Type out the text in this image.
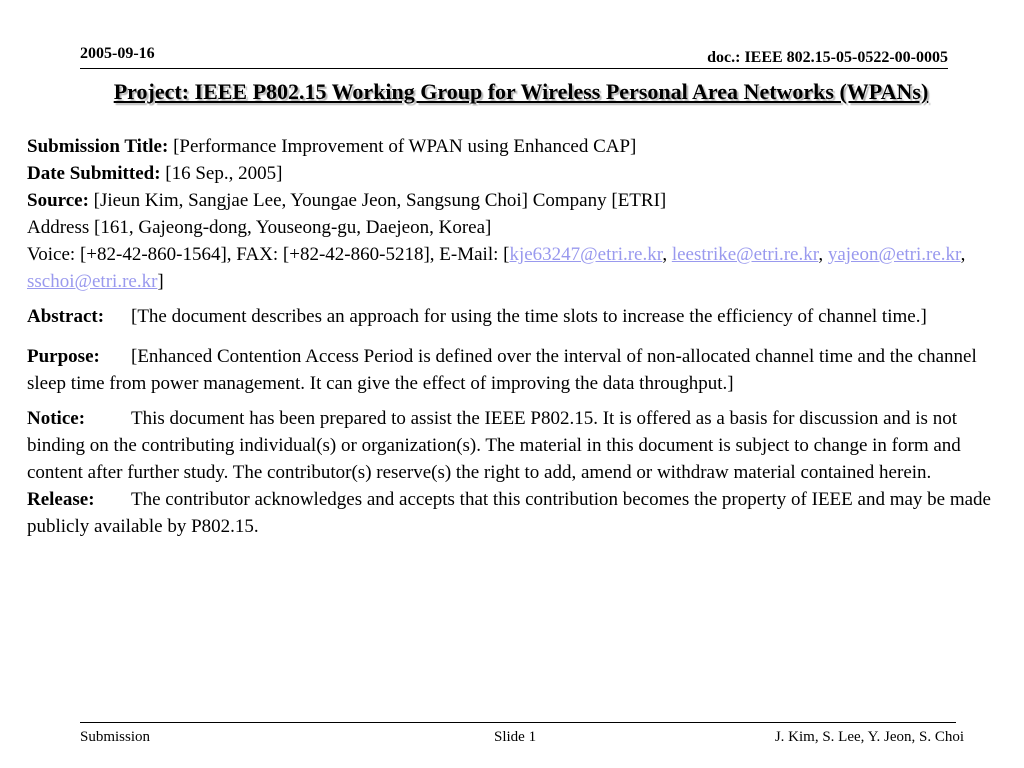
2005-09-16	doc.: IEEE 802.15-05-0522-00-0005
Project: IEEE P802.15 Working Group for Wireless Personal Area Networks (WPANs)

Submission Title: [Performance Improvement of WPAN using Enhanced CAP]

Date Submitted: [16 Sep., 2005]

Source: [Jieun Kim, Sangjae Lee, Youngae Jeon, Sangsung Choi] Company [ETRI]

Address [161, Gajeong-dong, Youseong-gu, Daejeon, Korea]

Voice: [+82-42-860-1564], FAX: [+82-42-860-5218], E-Mail: [kje63247@etri.re.kr, leestrike@etri.re.kr, yajeon@etri.re.kr, sschoi@etri.re.kr]

Abstract: [The document describes an approach for using the time slots to increase the efficiency of channel time.]

Purpose: [Enhanced Contention Access Period is defined over the interval of non-allocated channel time and the channel sleep time from power management. It can give the effect of improving the data throughput.]

Notice: This document has been prepared to assist the IEEE P802.15. It is offered as a basis for discussion and is not binding on the contributing individual(s) or organization(s). The material in this document is subject to change in form and content after further study. The contributor(s) reserve(s) the right to add, amend or withdraw material contained herein.

Release: The contributor acknowledges and accepts that this contribution becomes the property of IEEE and may be made publicly available by P802.15.

Submission	Slide 1	J. Kim, S. Lee, Y. Jeon, S. Choi
